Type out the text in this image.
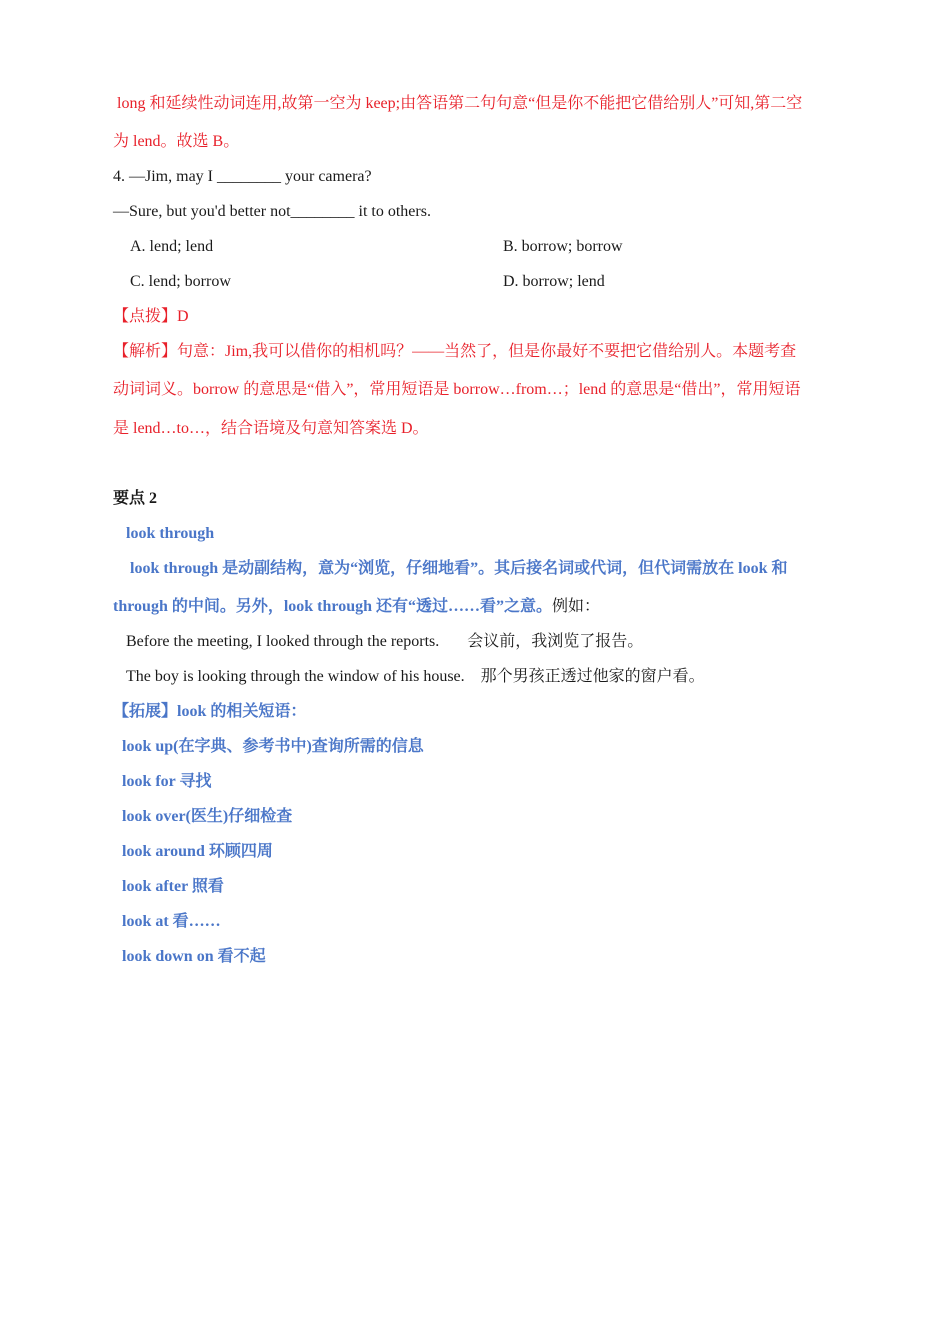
long 和延续性动词连用,故第一空为 keep;由答语第二句句意“但是你不能把它借给别人”可知,第二空
为 lend。故选 B。
4. —Jim, may I ________ your camera?
—Sure, but you'd better not________ it to others.
A. lend; lend	B. borrow; borrow
C. lend; borrow	D. borrow; lend
【点拨】D
【解析】句意：Jim,我可以借你的相机吗？——当然了，但是你最好不要把它借给别人。本题考查
动词词义。borrow 的意思是“借入”，常用短语是 borrow…from…；lend 的意思是“借出”，常用短语
是 lend…to…，结合语境及句意知答案选 D。
要点 2
look through
look through 是动副结构，意为“浏览，仔细地看”。其后接名词或代词，但代词需放在 look 和
through 的中间。另外，look through 还有“透过……看”之意。例如：
Before the meeting, I looked through the reports. 会议前，我浏览了报告。
The boy is looking through the window of his house. 那个男孩正透过他家的窗户看。
【拓展】look 的相关短语：
look up(在字典、参考书中)查询所需的信息
look for 寻找
look over(医生)仔细检查
look around 环顾四周
look after 照看
look at 看……
look down on 看不起
